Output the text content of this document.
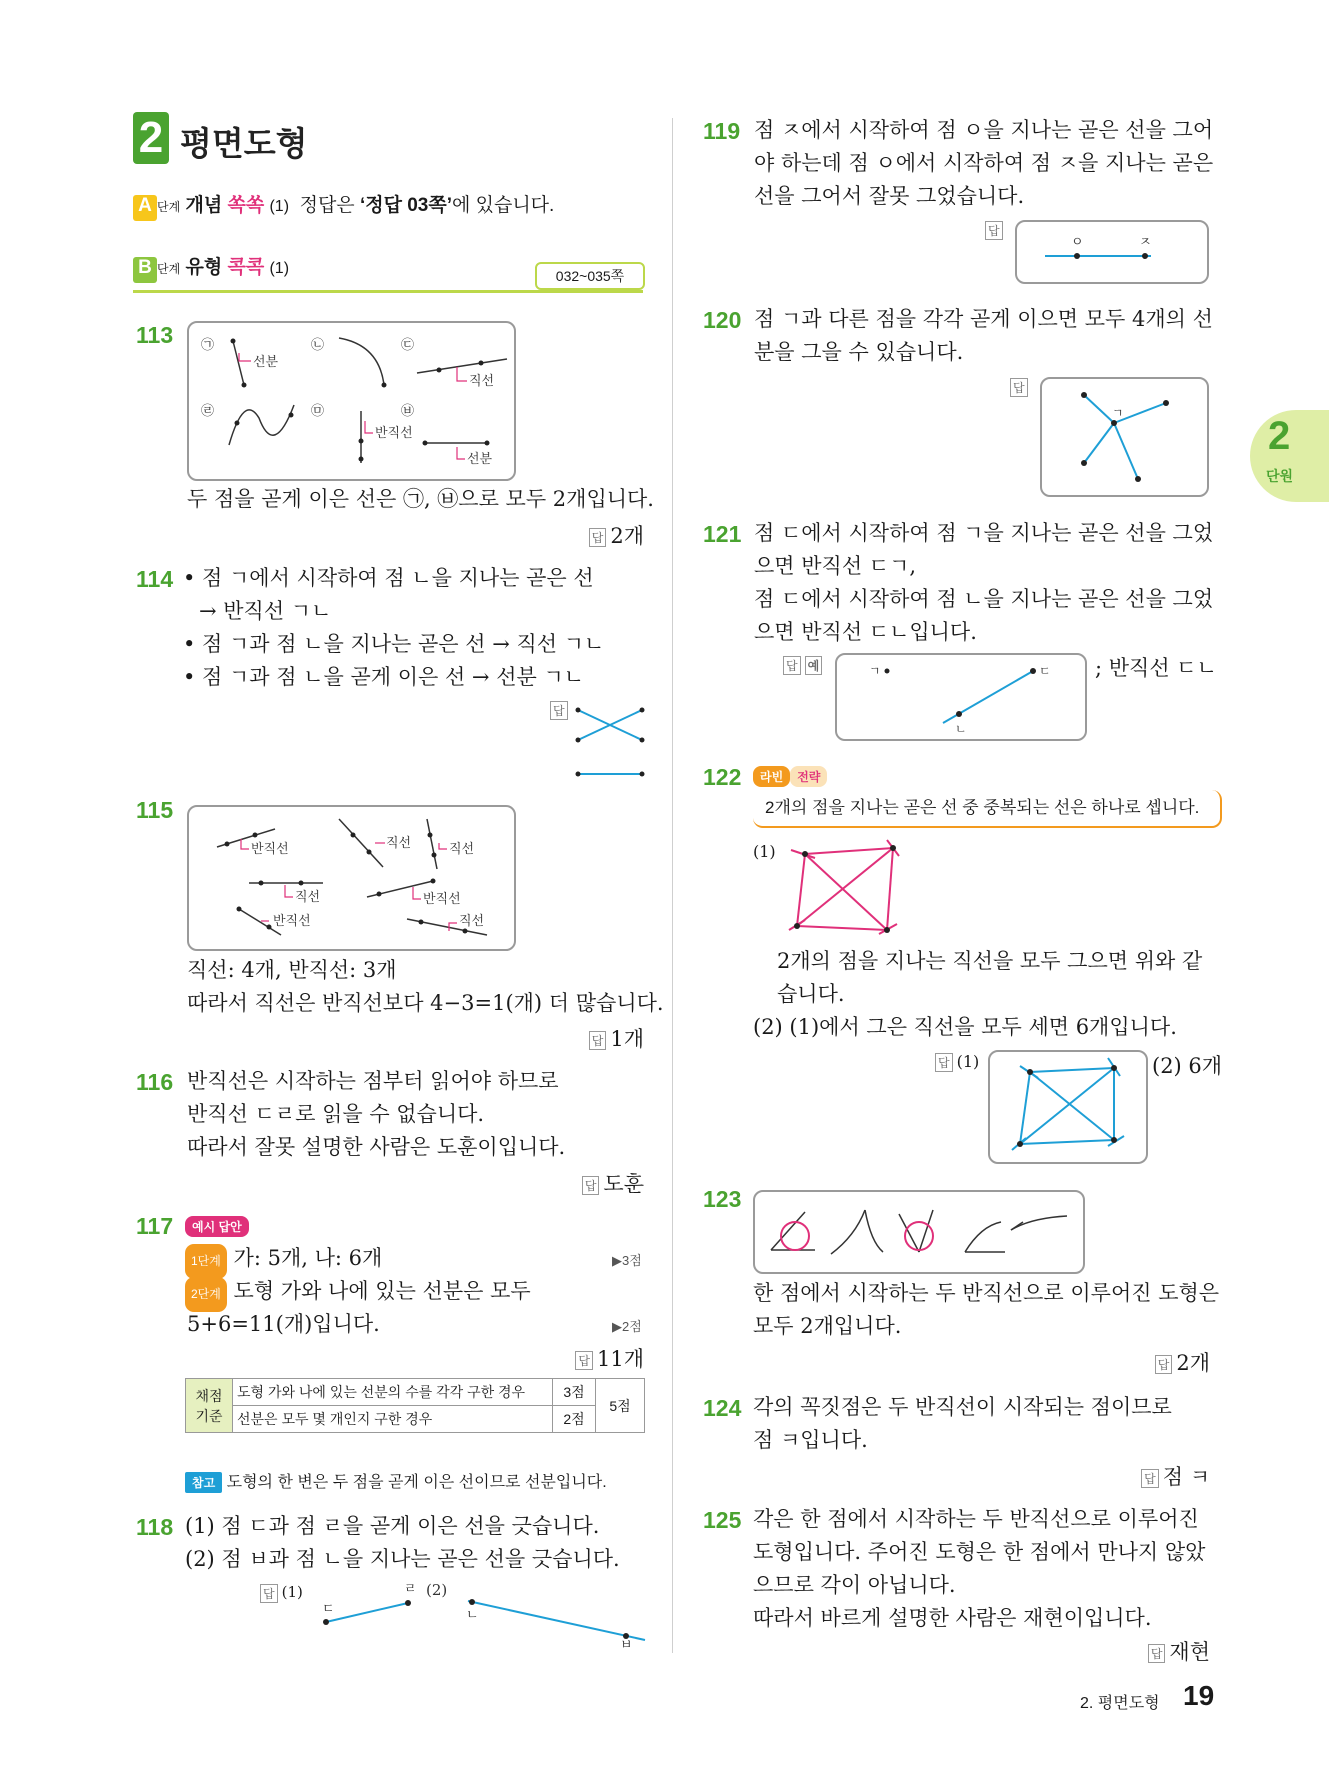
2 평면도형
A 단계 개념 쏙쏙 (1) 정답은 ‘정답 03쪽’에 있습니다.
B 단계 유형 콕콕 (1)	032~035쪽
2
단원
113 ㉠	㉡	㉢
㉣	㉤	㉥
선분
직선
반직선
선분
두 점을 곧게 이은 선은 ㉠, ㉥으로 모두 2개입니다.
답 2개
114 • 점 ㄱ에서 시작하여 점 ㄴ을 지나는 곧은 선
→ 반직선 ㄱㄴ
• 점 ㄱ과 점 ㄴ을 지나는 곧은 선 → 직선 ㄱㄴ
• 점 ㄱ과 점 ㄴ을 곧게 이은 선 → 선분 ㄱㄴ
답
115
반직선	직선	직선
직선	반직선
반직선	직선
직선: 4개, 반직선: 3개
따라서 직선은 반직선보다 4−3=1(개) 더 많습니다.
답 1개
116 반직선은 시작하는 점부터 읽어야 하므로
반직선 ㄷㄹ로 읽을 수 없습니다.
따라서 잘못 설명한 사람은 도훈이입니다.
답 도훈
117	예시 답안
1단계 가: 5개, 나: 6개	▶3점
2단계 도형 가와 나에 있는 선분은 모두
5+6=11(개)입니다.	▶2점
답 11개
채점 기준	도형 가와 나에 있는 선분의 수를 각각 구한 경우	3점	5점
	선분은 모두 몇 개인지 구한 경우	2점	
참고 도형의 한 변은 두 점을 곧게 이은 선이므로 선분입니다.
118 (1) 점 ㄷ과 점 ㄹ을 곧게 이은 선을 긋습니다.
(2) 점 ㅂ과 점 ㄴ을 지나는 곧은 선을 긋습니다.
답 (1)
ㄷ
ㄹ (2)
ㄴ
ㅂ
119 점 ㅈ에서 시작하여 점 ㅇ을 지나는 곧은 선을 그어
야 하는데 점 ㅇ에서 시작하여 점 ㅈ을 지나는 곧은
선을 그어서 잘못 그었습니다.
답
ㅇ	ㅈ
120 점 ㄱ과 다른 점을 각각 곧게 이으면 모두 4개의 선
분을 그을 수 있습니다.
답
ㄱ
121 점 ㄷ에서 시작하여 점 ㄱ을 지나는 곧은 선을 그었
으면 반직선 ㄷㄱ,
점 ㄷ에서 시작하여 점 ㄴ을 지나는 곧은 선을 그었
으면 반직선 ㄷㄴ입니다.
답 예	ㄱ	ㄷ
ㄴ
; 반직선 ㄷㄴ
122	라빈 전략
2개의 점을 지나는 곧은 선 중 중복되는 선은 하나로 셉니다.
(1)
2개의 점을 지나는 직선을 모두 그으면 위와 같
습니다.
(2) (1)에서 그은 직선을 모두 세면 6개입니다.
답 (1)	(2) 6개
123
한 점에서 시작하는 두 반직선으로 이루어진 도형은
모두 2개입니다.
답 2개
124 각의 꼭짓점은 두 반직선이 시작되는 점이므로
점 ㅋ입니다.
답 점 ㅋ
125 각은 한 점에서 시작하는 두 반직선으로 이루어진
도형입니다. 주어진 도형은 한 점에서 만나지 않았
으므로 각이 아닙니다.
따라서 바르게 설명한 사람은 재현이입니다.
답 재현
2. 평면도형 19
